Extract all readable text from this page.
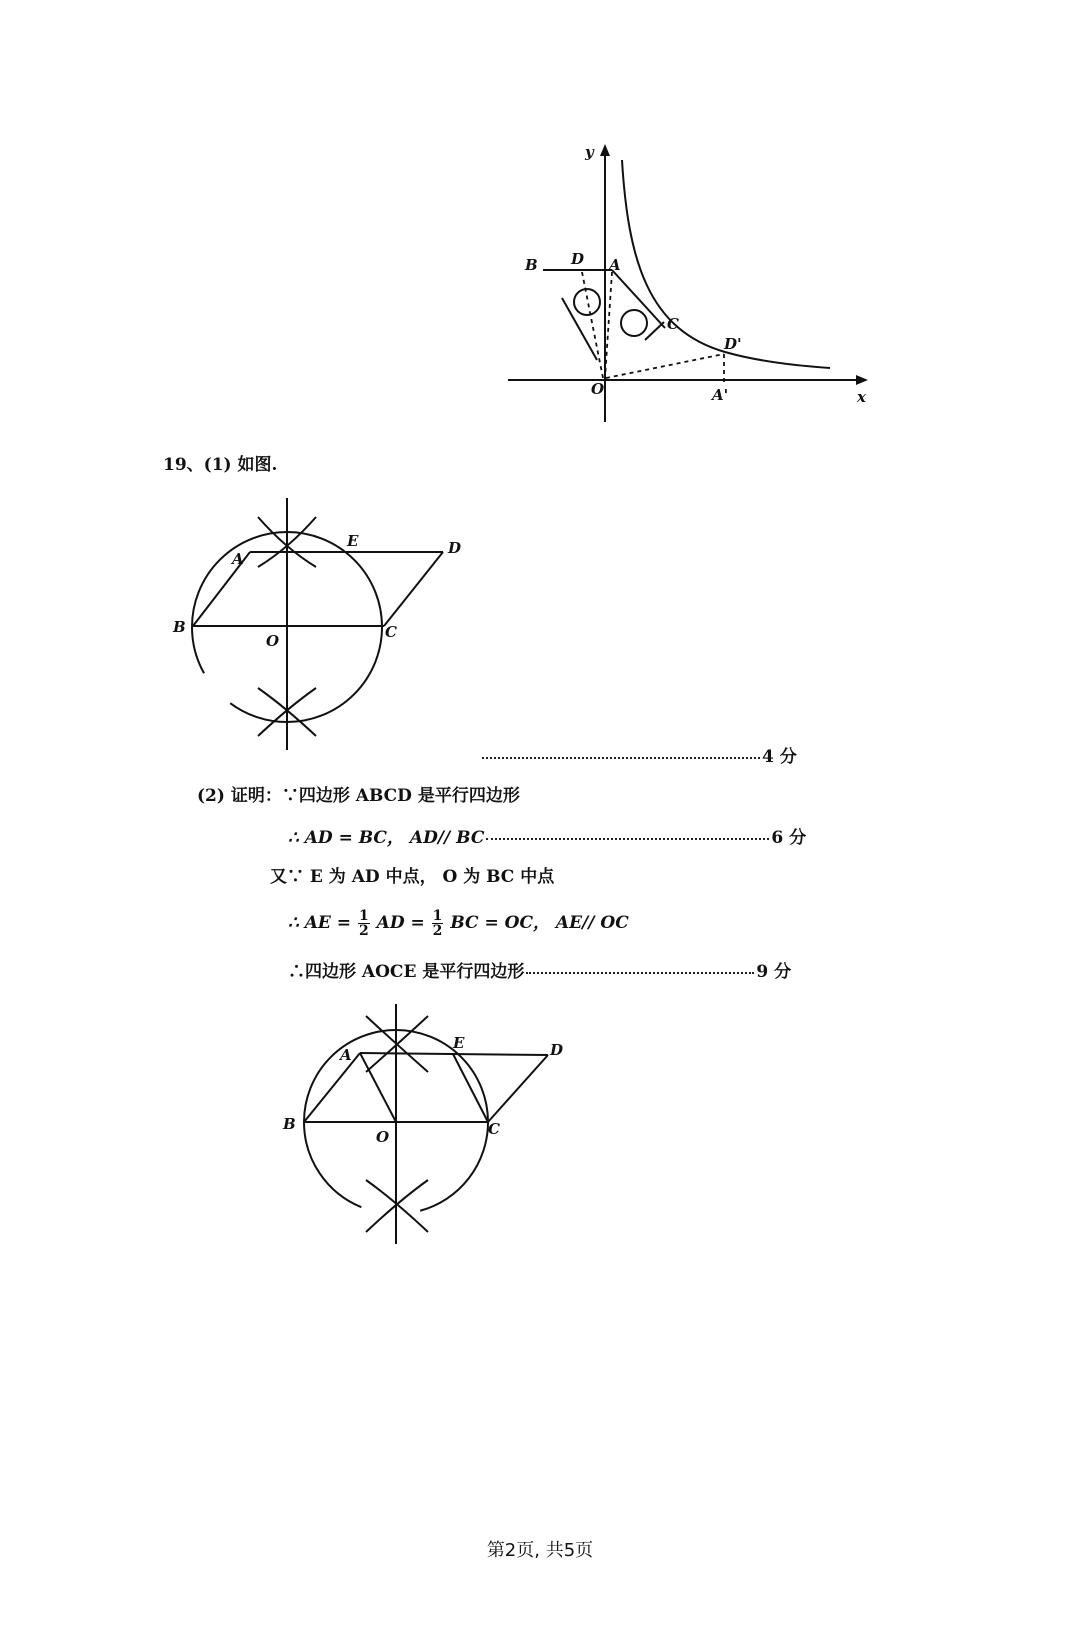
y
x
B D A
C
D'
O	A'
A
E	D
B
O	C
A
E	D
B
O	C
19、(1) 如图.
4 分
(2) 证明：∵四边形 ABCD 是平行四边形
∴ AD = BC， AD// BC	6 分
又∵ E 为 AD 中点， O 为 BC 中点
∴ AE = $\frac{1}{2}$ AD = $\frac{1}{2}$ BC = OC， AE// OC
∴四边形 AOCE 是平行四边形	9 分
第2页, 共5页
